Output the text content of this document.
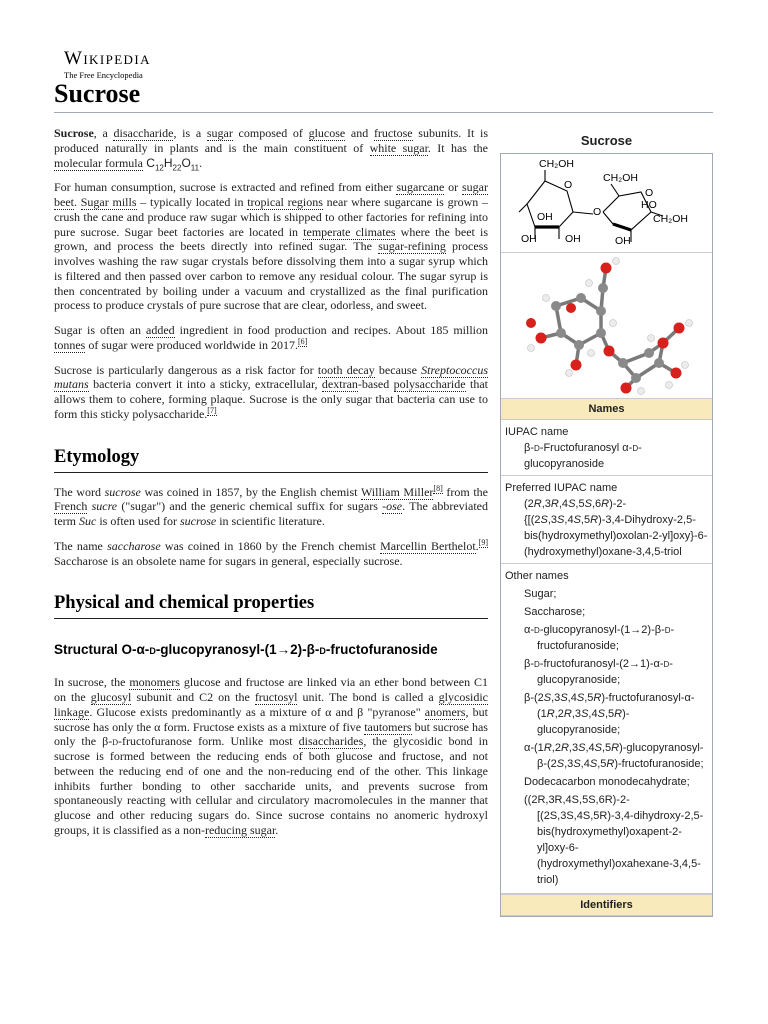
Wikipedia
The Free Encyclopedia
Sucrose

Sucrose, a disaccharide, is a sugar composed of glucose and fructose subunits. It is produced naturally in plants and is the main constituent of white sugar. It has the molecular formula $C_{12}H_{22}O_{11}$.

For human consumption, sucrose is extracted and refined from either sugarcane or sugar beet. Sugar mills – typically located in tropical regions near where sugarcane is grown – crush the cane and produce raw sugar which is shipped to other factories for refining into pure sucrose. Sugar beet factories are located in temperate climates where the beet is grown, and process the beets directly into refined sugar. The sugar-refining process involves washing the raw sugar crystals before dissolving them into a sugar syrup which is filtered and then passed over carbon to remove any residual colour. The sugar syrup is then concentrated by boiling under a vacuum and crystallized as the final purification process to produce crystals of pure sucrose that are clear, odorless, and sweet.

Sugar is often an added ingredient in food production and recipes. About 185 million tonnes of sugar were produced worldwide in 2017.[6]

Sucrose is particularly dangerous as a risk factor for tooth decay because Streptococcus mutans bacteria convert it into a sticky, extracellular, dextran-based polysaccharide that allows them to cohere, forming plaque. Sucrose is the only sugar that bacteria can use to form this sticky polysaccharide.[7]

Etymology

The word sucrose was coined in 1857, by the English chemist William Miller[8] from the French sucre ("sugar") and the generic chemical suffix for sugars -ose. The abbreviated term Suc is often used for sucrose in scientific literature.

The name saccharose was coined in 1860 by the French chemist Marcellin Berthelot.[9] Saccharose is an obsolete name for sugars in general, especially sucrose.

Physical and chemical properties
Structural O-α-d-glucopyranosyl-(1→2)-β-d-fructofuranoside

In sucrose, the monomers glucose and fructose are linked via an ether bond between C1 on the glucosyl subunit and C2 on the fructosyl unit. The bond is called a glycosidic linkage. Glucose exists predominantly as a mixture of α and β "pyranose" anomers, but sucrose has only the α form. Fructose exists as a mixture of five tautomers but sucrose has only the β-d-fructofuranose form. Unlike most disaccharides, the glycosidic bond in sucrose is formed between the reducing ends of both glucose and fructose, and not between the reducing end of one and the non-reducing end of the other. This linkage inhibits further bonding to other saccharide units, and prevents sucrose from spontaneously reacting with cellular and circulatory macromolecules in the manner that glucose and other reducing sugars do. Since sucrose contains no anomeric hydroxyl groups, it is classified as a non-reducing sugar.

Sucrose
CH₂OH
CH₂OH
O
O
O
HO
OH
OH	OH	OH
CH₂OH
Names
IUPAC name
β-d-Fructofuranosyl α-d-glucopyranoside
Preferred IUPAC name
(2R,3R,4S,5S,6R)-2-{[(2S,3S,4S,5R)-3,4-Dihydroxy-2,5-bis(hydroxymethyl)oxolan-2-yl]oxy}-6-(hydroxymethyl)oxane-3,4,5-triol
Other names
Sugar;
Saccharose;
α-d-glucopyranosyl-(1→2)-β-d-fructofuranoside;
β-d-fructofuranosyl-(2→1)-α-d-glucopyranoside;
β-(2S,3S,4S,5R)-fructofuranosyl-α-(1R,2R,3S,4S,5R)-glucopyranoside;
α-(1R,2R,3S,4S,5R)-glucopyranosyl-β-(2S,3S,4S,5R)-fructofuranoside;
Dodecacarbon monodecahydrate;
((2R,3R,4S,5S,6R)-2-[(2S,3S,4S,5R)-3,4-dihydroxy-2,5-bis(hydroxymethyl)oxapent-2-yl]oxy-6-(hydroxymethyl)oxahexane-3,4,5-triol)
Identifiers
